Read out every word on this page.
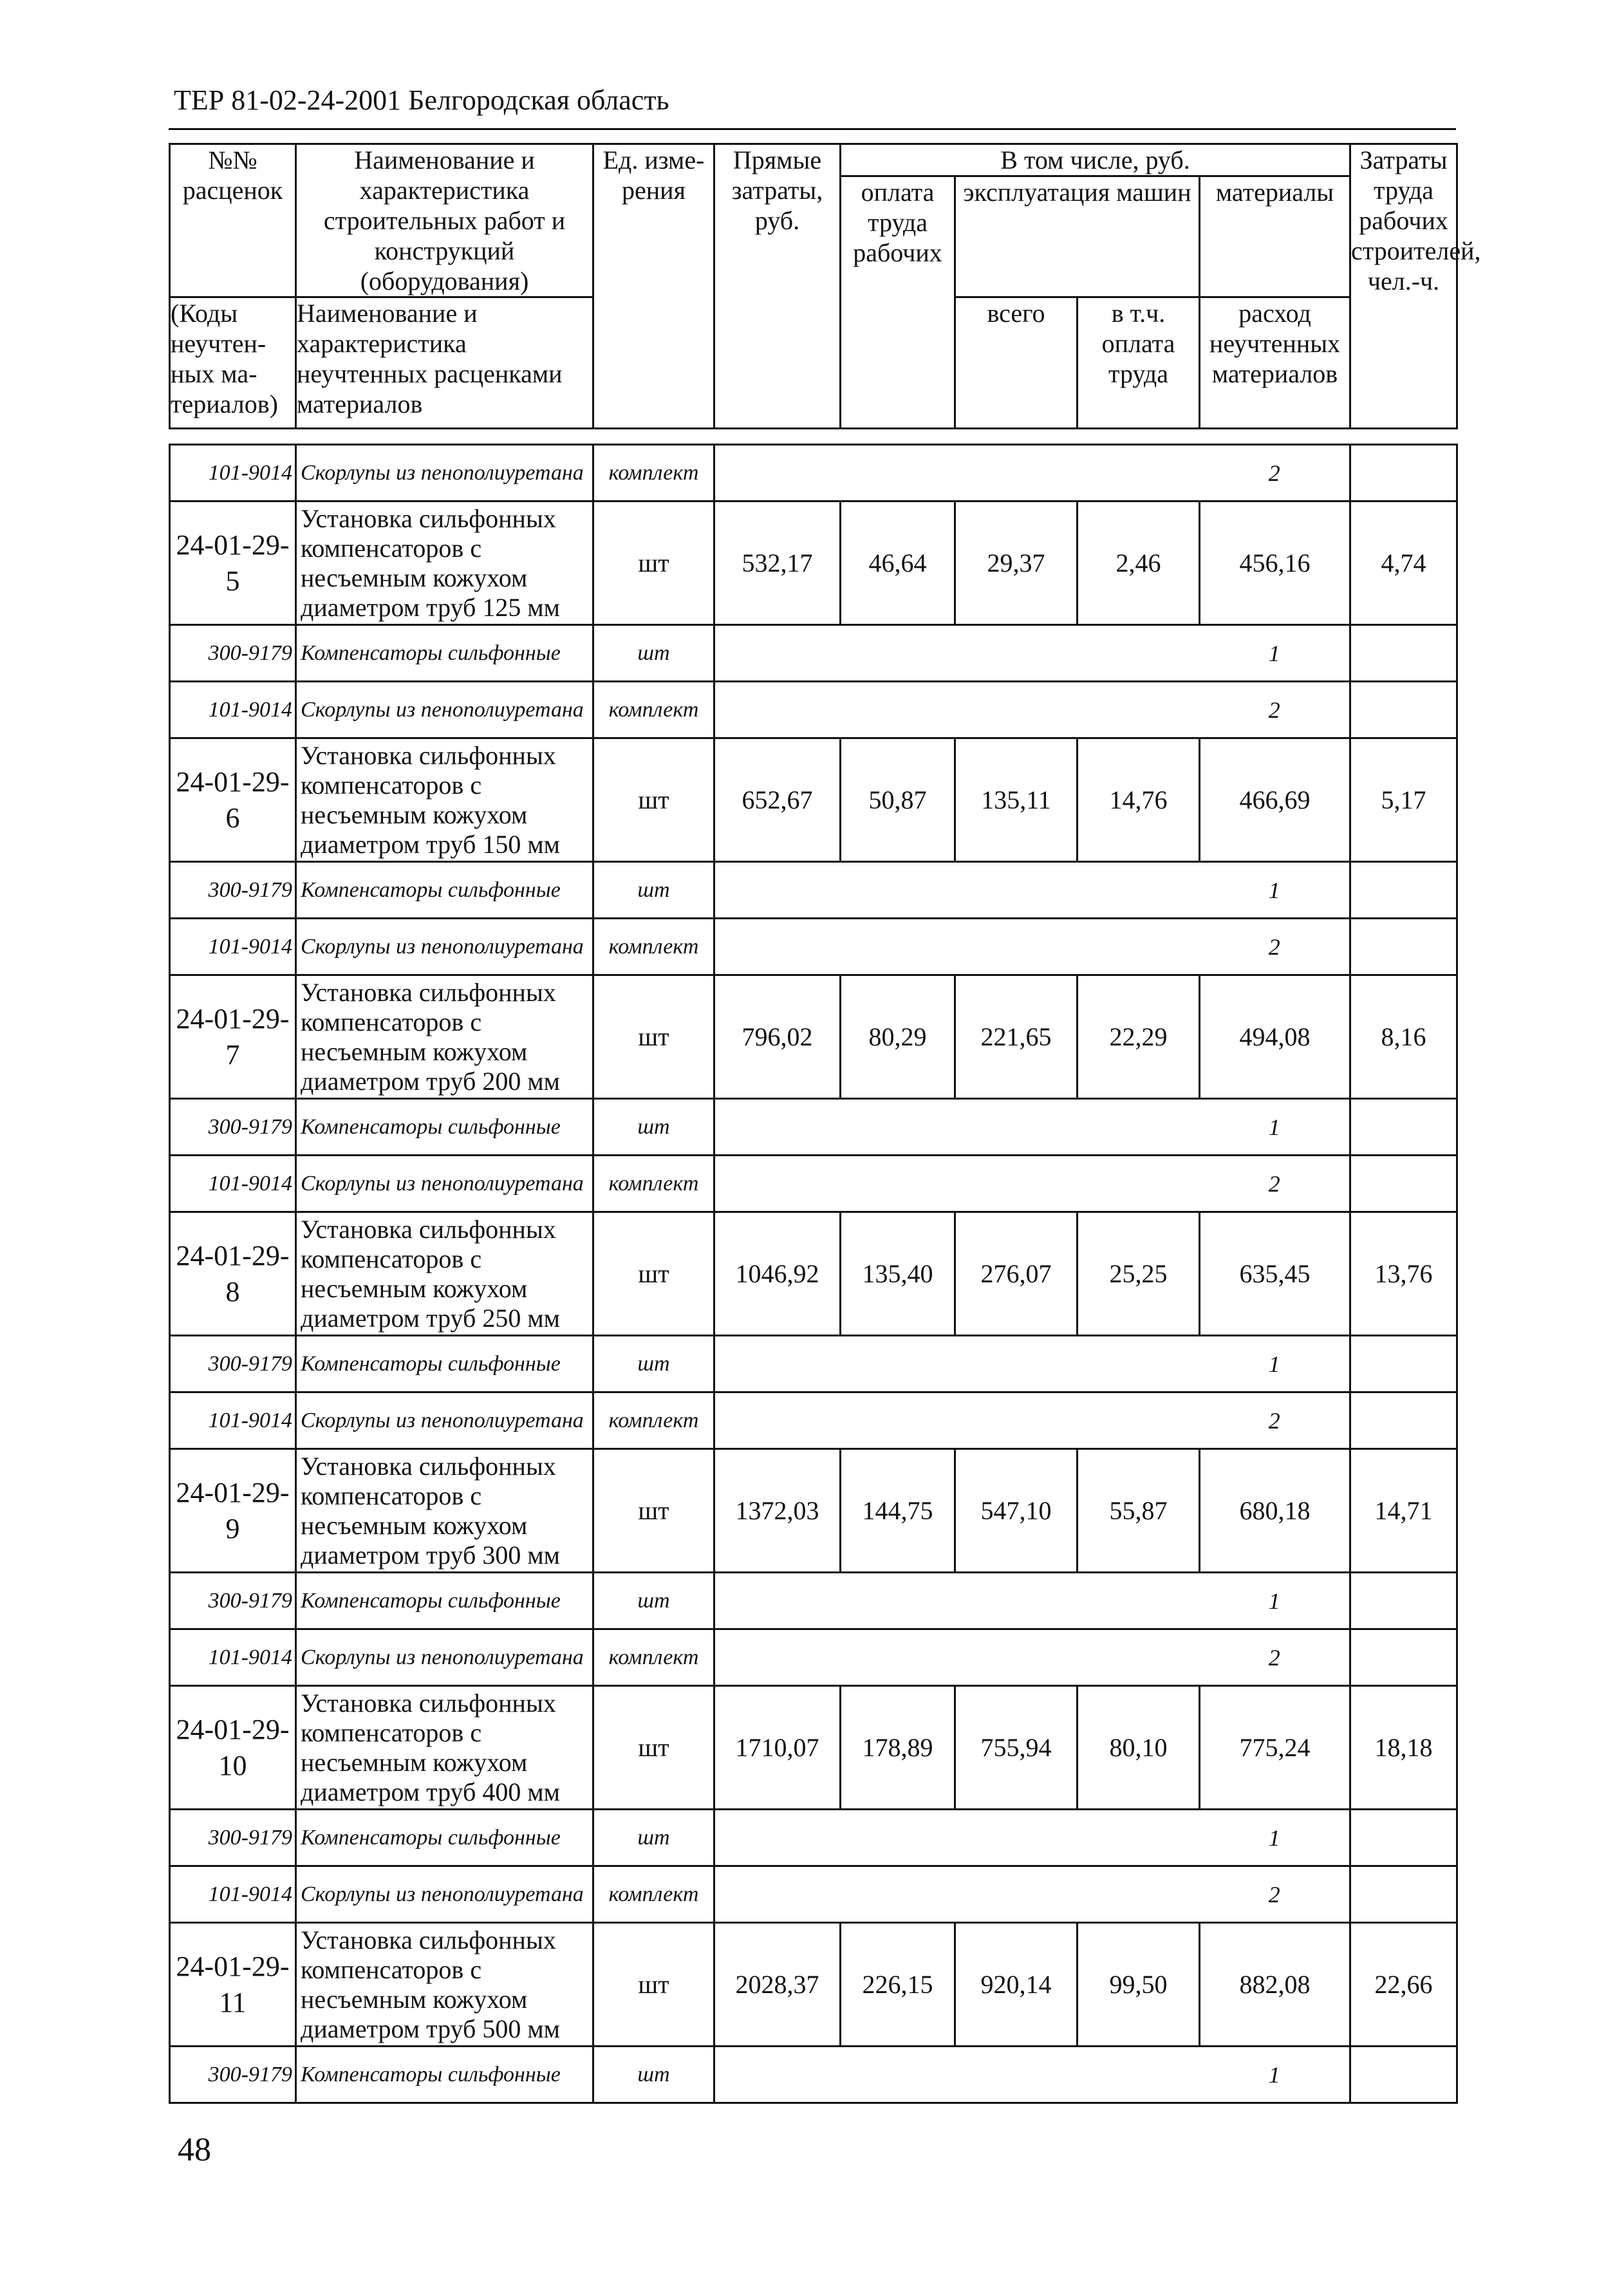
ТЕР 81-02-24-2001 Белгородская область
№№ расценок	Наименование и характеристика строительных работ и конструкций (оборудования)	Ед. изме-рения	Прямые затраты, руб.	В том числе, руб.				Затраты труда рабочих строителей, чел.-ч.
				оплата труда рабочих	эксплуатация машин		материалы	

(Коды неучтен-ных ма-териалов)	Наименование и характеристика неучтенных расценками материалов				всего	в т.ч. оплата труда	расход неучтенных материалов	

101-9014	Скорлупы из пенополиуретана	комплект					2	
24-01-29-5	Установка сильфонных компенсаторов с несъемным кожухом диаметром труб 125 мм	шт	532,17	46,64	29,37	2,46	456,16	4,74
300-9179	Компенсаторы сильфонные	шт					1	
101-9014	Скорлупы из пенополиуретана	комплект					2	
24-01-29-6	Установка сильфонных компенсаторов с несъемным кожухом диаметром труб 150 мм	шт	652,67	50,87	135,11	14,76	466,69	5,17
300-9179	Компенсаторы сильфонные	шт					1	
101-9014	Скорлупы из пенополиуретана	комплект					2	
24-01-29-7	Установка сильфонных компенсаторов с несъемным кожухом диаметром труб 200 мм	шт	796,02	80,29	221,65	22,29	494,08	8,16
300-9179	Компенсаторы сильфонные	шт					1	
101-9014	Скорлупы из пенополиуретана	комплект					2	
24-01-29-8	Установка сильфонных компенсаторов с несъемным кожухом диаметром труб 250 мм	шт	1046,92	135,40	276,07	25,25	635,45	13,76
300-9179	Компенсаторы сильфонные	шт					1	
101-9014	Скорлупы из пенополиуретана	комплект					2	
24-01-29-9	Установка сильфонных компенсаторов с несъемным кожухом диаметром труб 300 мм	шт	1372,03	144,75	547,10	55,87	680,18	14,71
300-9179	Компенсаторы сильфонные	шт					1	
101-9014	Скорлупы из пенополиуретана	комплект					2	
24-01-29-10	Установка сильфонных компенсаторов с несъемным кожухом диаметром труб 400 мм	шт	1710,07	178,89	755,94	80,10	775,24	18,18
300-9179	Компенсаторы сильфонные	шт					1	
101-9014	Скорлупы из пенополиуретана	комплект					2	
24-01-29-11	Установка сильфонных компенсаторов с несъемным кожухом диаметром труб 500 мм	шт	2028,37	226,15	920,14	99,50	882,08	22,66
300-9179	Компенсаторы сильфонные	шт					1	
48
